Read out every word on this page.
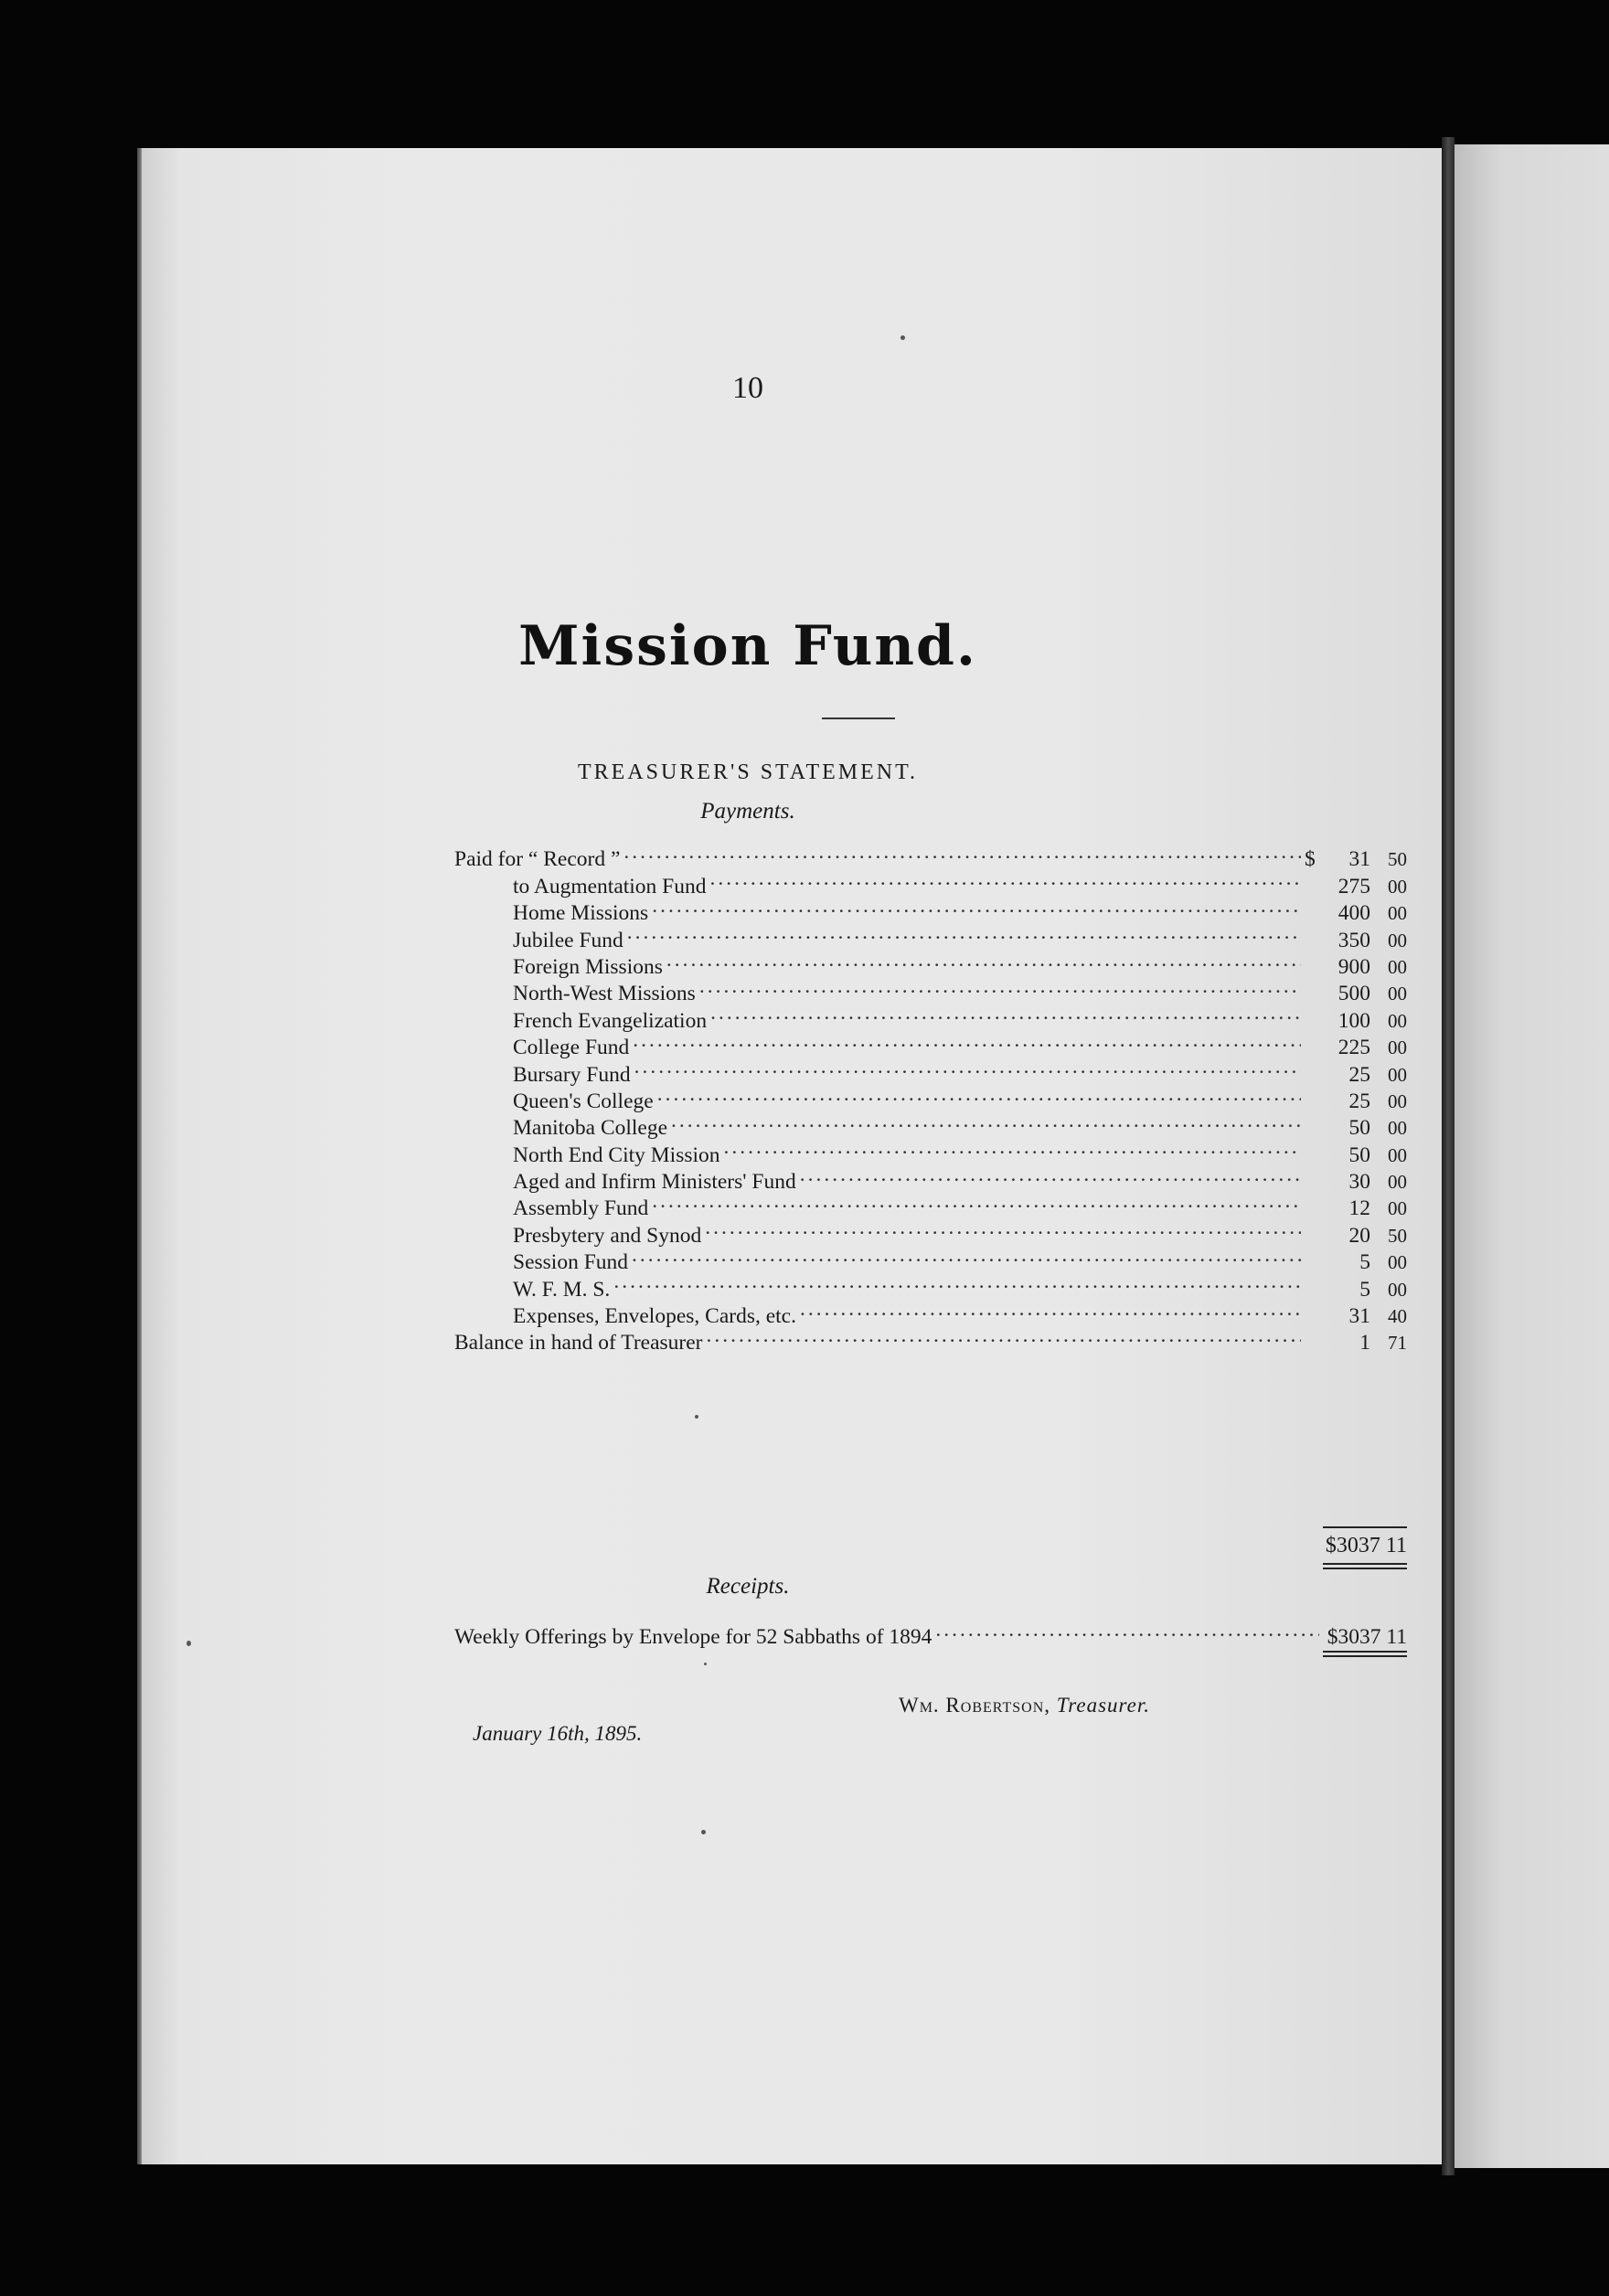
10
Mission Fund.
TREASURER'S STATEMENT.
Payments.
Paid for “ Record ” .....	$	31 50
to Augmentation Fund .....	275 00
Home Missions .....	400 00
Jubilee Fund .....	350 00
Foreign Missions .....	900 00
North-West Missions .....	500 00
French Evangelization .....	100 00
College Fund .....	225 00
Bursary Fund .....	25 00
Queen's College .....	25 00
Manitoba College .....	50 00
North End City Mission .....	50 00
Aged and Infirm Ministers' Fund .....	30 00
Assembly Fund .....	12 00
Presbytery and Synod .....	20 50
Session Fund .....	5 00
W. F. M. S. .....	5 00
Expenses, Envelopes, Cards, etc. .....	31 40
Balance in hand of Treasurer .....	1 71
$3037 11
Receipts.
Weekly Offerings by Envelope for 52 Sabbaths of 1894 .....	$3037 11
Wm. Robertson, Treasurer.
January 16th, 1895.
